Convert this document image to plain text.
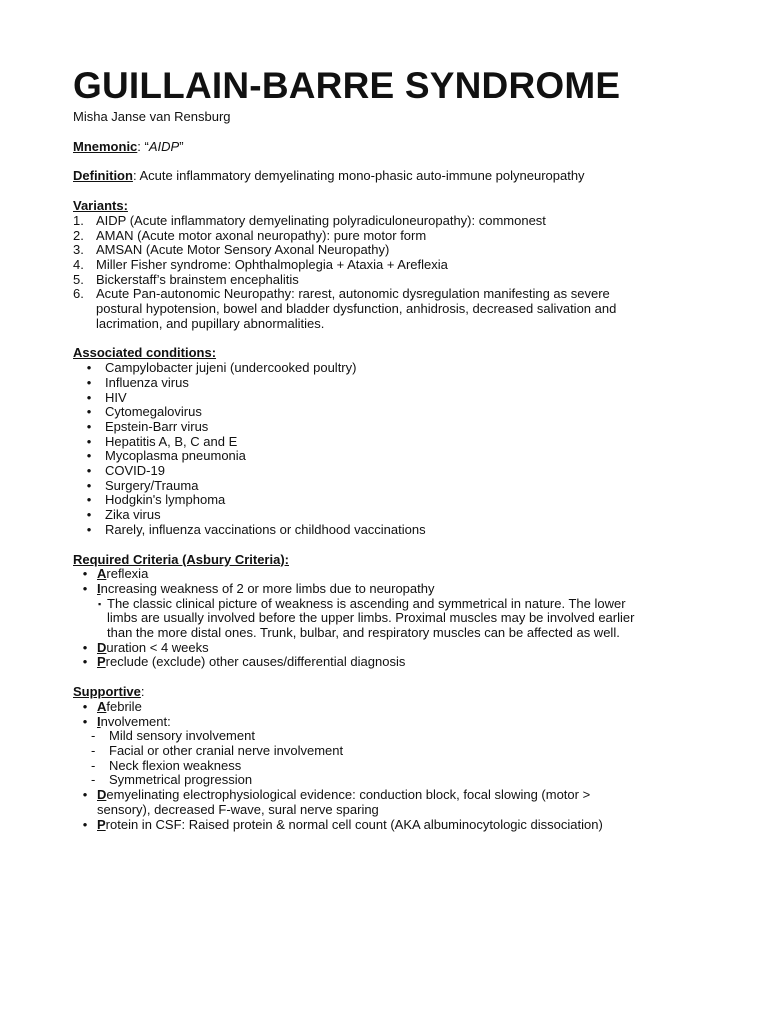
GUILLAIN-BARRE SYNDROME
Misha Janse van Rensburg
Mnemonic: “AIDP”
Definition: Acute inflammatory demyelinating mono-phasic auto-immune polyneuropathy
Variants:
1. AIDP (Acute inflammatory demyelinating polyradiculoneuropathy): commonest
2. AMAN (Acute motor axonal neuropathy): pure motor form
3. AMSAN (Acute Motor Sensory Axonal Neuropathy)
4. Miller Fisher syndrome: Ophthalmoplegia + Ataxia + Areflexia
5. Bickerstaff’s brainstem encephalitis
6. Acute Pan-autonomic Neuropathy: rarest, autonomic dysregulation manifesting as severe
postural hypotension, bowel and bladder dysfunction, anhidrosis, decreased salivation and
lacrimation, and pupillary abnormalities.
Associated conditions:
•	Campylobacter jujeni (undercooked poultry)
•	Influenza virus
•	HIV
•	Cytomegalovirus
•	Epstein-Barr virus
•	Hepatitis A, B, C and E
•	Mycoplasma pneumonia
•	COVID-19
•	Surgery/Trauma
•	Hodgkin's lymphoma
•	Zika virus
•	Rarely, influenza vaccinations or childhood vaccinations
Required Criteria (Asbury Criteria):
• Areflexia
• Increasing weakness of 2 or more limbs due to neuropathy
▪ The classic clinical picture of weakness is ascending and symmetrical in nature. The lower
limbs are usually involved before the upper limbs. Proximal muscles may be involved earlier
than the more distal ones. Trunk, bulbar, and respiratory muscles can be affected as well.
• Duration < 4 weeks
• Preclude (exclude) other causes/differential diagnosis
Supportive:
• Afebrile
• Involvement:
-	Mild sensory involvement
-	Facial or other cranial nerve involvement
-	Neck flexion weakness
-	Symmetrical progression
• Demyelinating electrophysiological evidence: conduction block, focal slowing (motor >
sensory), decreased F-wave, sural nerve sparing
• Protein in CSF: Raised protein & normal cell count (AKA albuminocytologic dissociation)
